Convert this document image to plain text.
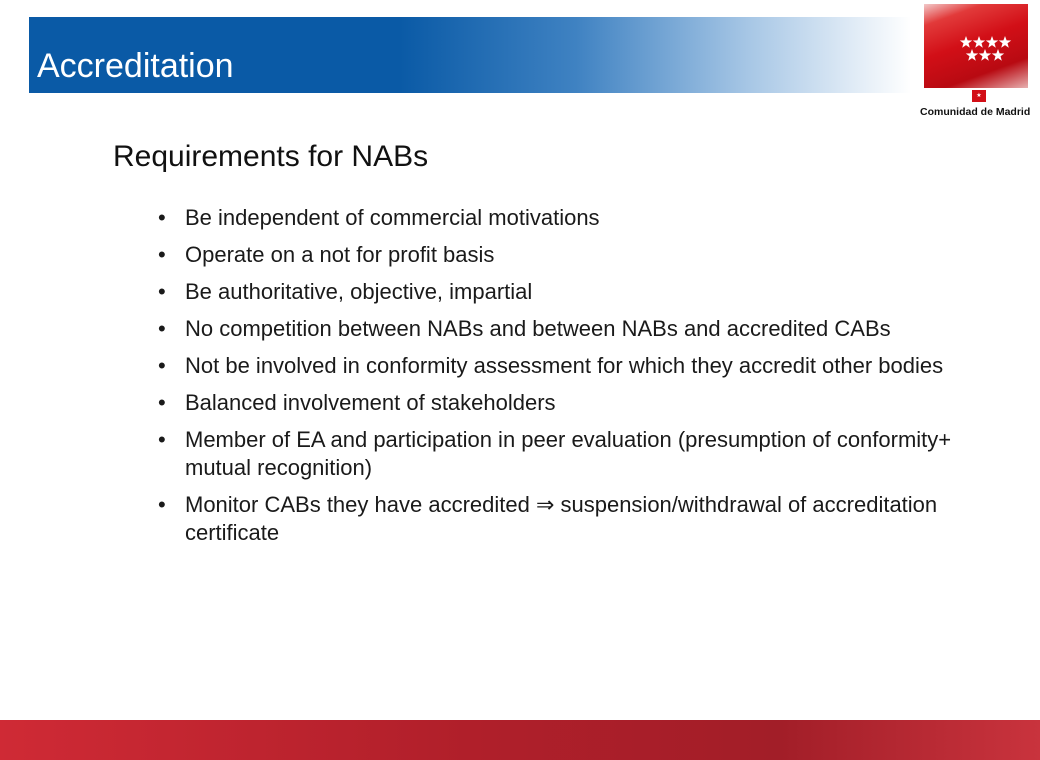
Accreditation
★
Comunidad de Madrid
Requirements for NABs
• Be independent of commercial motivations
• Operate on a not for profit basis
• Be authoritative, objective, impartial
• No competition between NABs and between NABs and accredited CABs
• Not be involved in conformity assessment for which they accredit other bodies
• Balanced involvement of stakeholders
• Member of EA and participation in peer evaluation (presumption of conformity+ mutual recognition)
• Monitor CABs they have accredited ⇒ suspension/withdrawal of accreditation certificate
